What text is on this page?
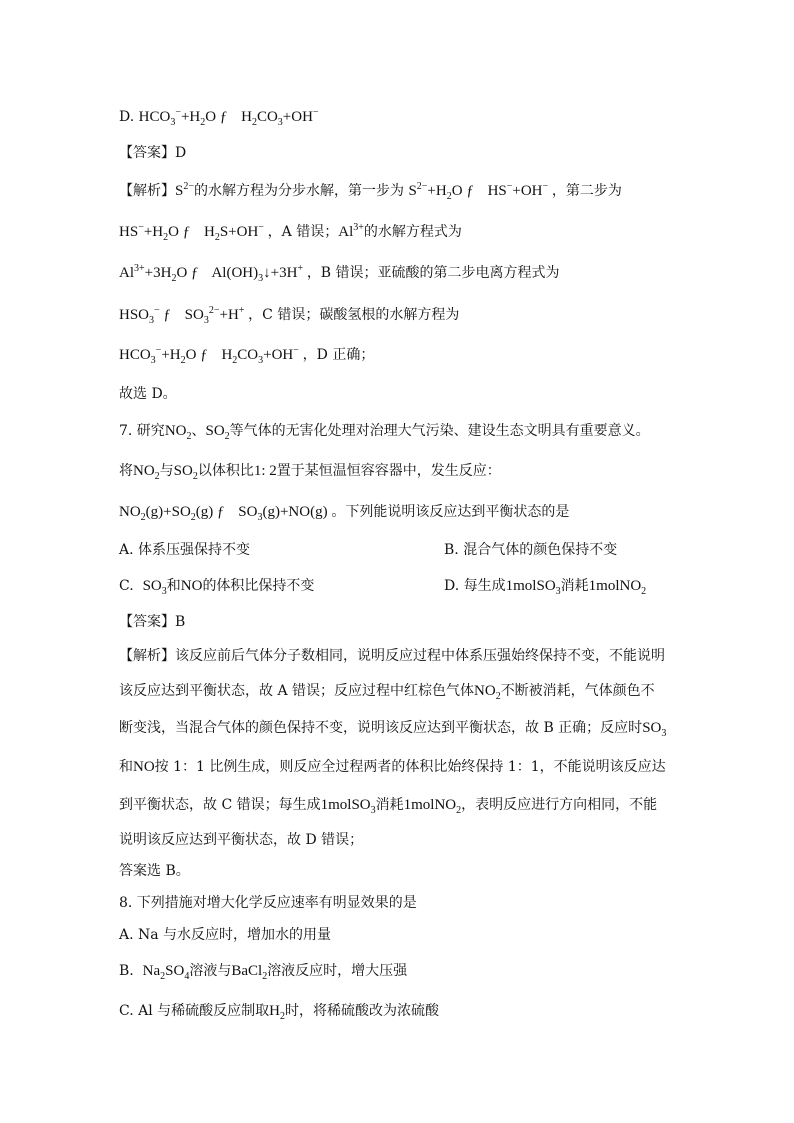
D. $HCO_3^-+H_2O$ ƒ $H_2CO_3+OH^-$
【答案】D
【解析】$S^{2-}$的水解方程为分步水解，第一步为 $S^{2-}+H_2O$ ƒ HS−+OH− ，第二步为
$HS^-+H_2O$ ƒ $H_2S+OH^-$ ，A 错误；$Al^{3+}$的水解方程式为
$Al^{3+}+3H_2O$ ƒ $Al(OH)_3↓+3H^+$ ，B 错误；亚硫酸的第二步电离方程式为
$HSO_3^-$ ƒ $SO_3^{2-}+H^+$ ，C 错误；碳酸氢根的水解方程为
$HCO_3^-+H_2O$ ƒ $H_2CO_3+OH^-$ ，D 正确；
故选 D。
7. 研究$NO_2$、$SO_2$等气体的无害化处理对治理大气污染、建设生态文明具有重要意义。
将$NO_2$与$SO_2$以体积比1: 2置于某恒温恒容容器中，发生反应：
$NO_2(g)+SO_2(g)$ ƒ $SO_3(g)+NO(g)$ 。下列能说明该反应达到平衡状态的是
A. 体系压强保持不变	B. 混合气体的颜色保持不变
C. $SO_3$和NO的体积比保持不变	D. 每生成1molSO$_3$消耗1molNO$_2$
【答案】B
【解析】该反应前后气体分子数相同，说明反应过程中体系压强始终保持不变，不能说明
该反应达到平衡状态，故 A 错误；反应过程中红棕色气体$NO_2$不断被消耗，气体颜色不
断变浅，当混合气体的颜色保持不变，说明该反应达到平衡状态，故 B 正确；反应时$SO_3$
和NO按 1：1 比例生成，则反应全过程两者的体积比始终保持 1：1，不能说明该反应达
到平衡状态，故 C 错误；每生成1molSO$_3$消耗1molNO$_2$，表明反应进行方向相同，不能
说明该反应达到平衡状态，故 D 错误；
答案选 B。
8. 下列措施对增大化学反应速率有明显效果的是
A. Na 与水反应时，增加水的用量
B. $Na_2SO_4$溶液与BaCl$_2$溶液反应时，增大压强
C. Al 与稀硫酸反应制取$H_2$时，将稀硫酸改为浓硫酸
